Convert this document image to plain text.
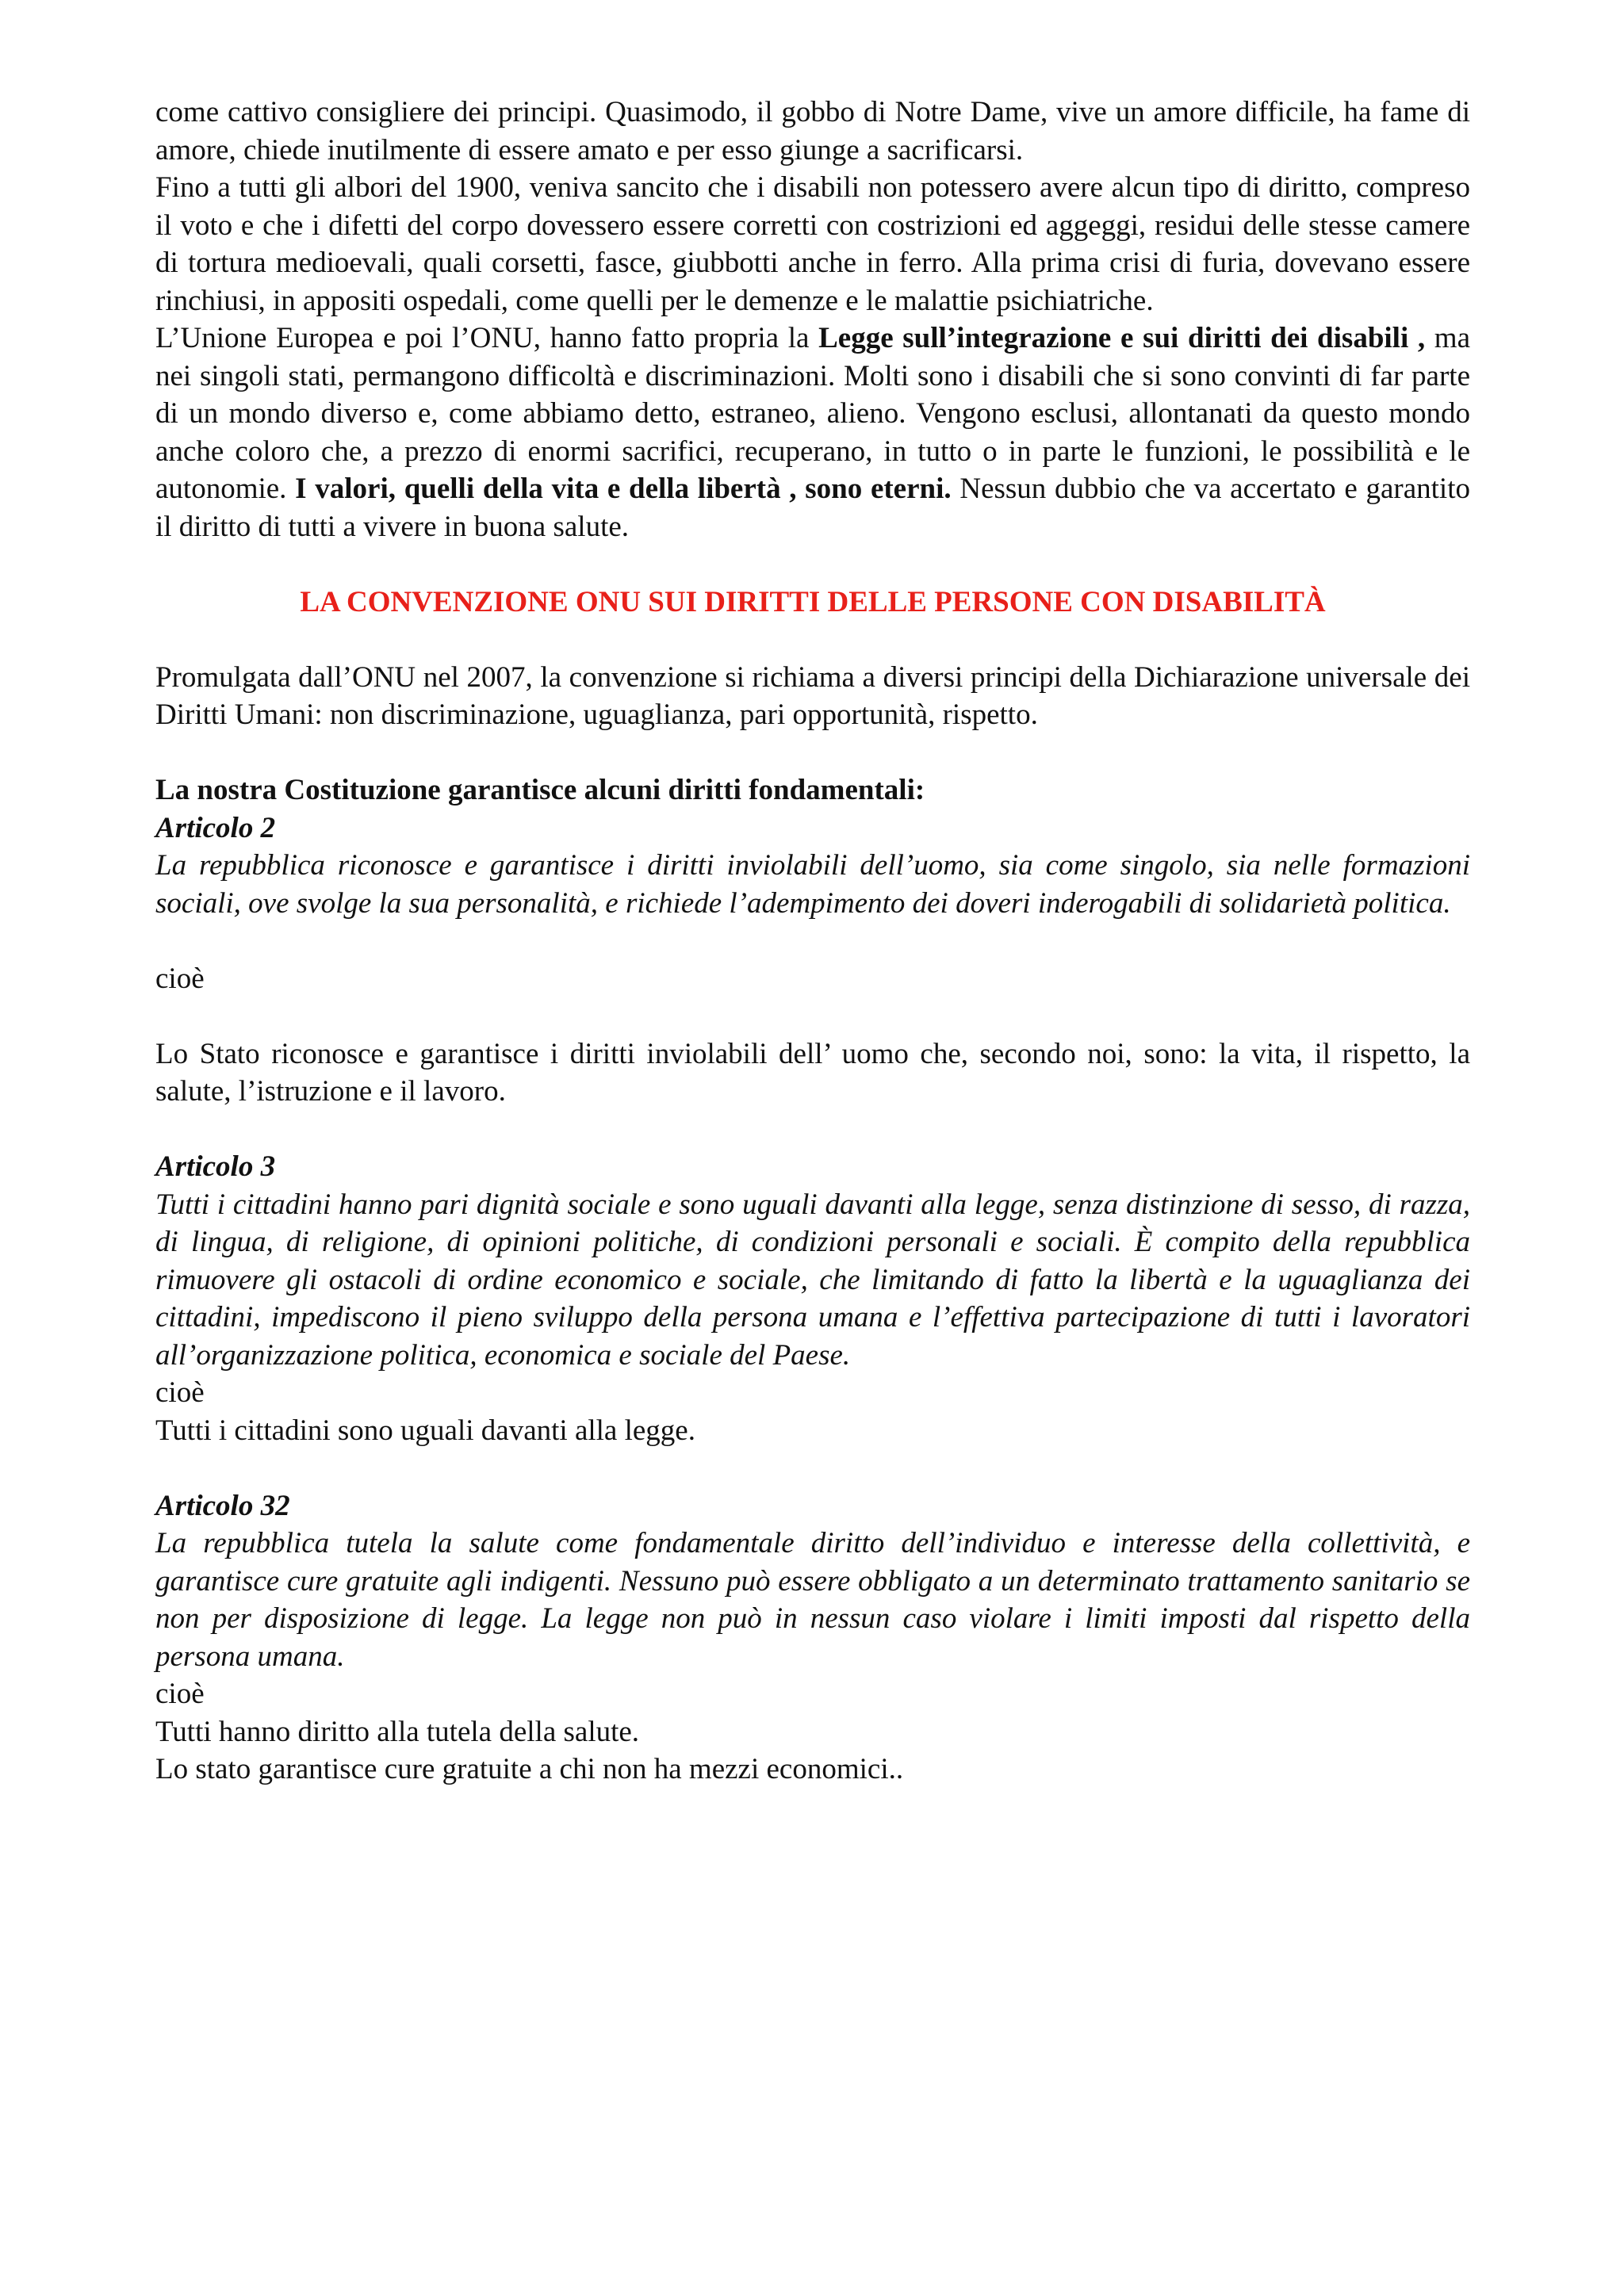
come cattivo consigliere dei principi. Quasimodo, il gobbo di Notre Dame, vive un amore difficile, ha fame di amore, chiede inutilmente di essere amato e per esso giunge a sacrificarsi.

Fino a tutti gli albori del 1900, veniva sancito che i disabili non potessero avere alcun tipo di diritto, compreso il voto e che i difetti del corpo dovessero essere corretti con costrizioni ed aggeggi, residui delle stesse camere di tortura medioevali, quali corsetti, fasce, giubbotti anche in ferro. Alla prima crisi di furia, dovevano essere rinchiusi, in appositi ospedali, come quelli per le demenze e le malattie psichiatriche.

L’Unione Europea e poi l’ONU, hanno fatto propria la Legge sull’integrazione e sui diritti dei disabili , ma nei singoli stati, permangono difficoltà e discriminazioni. Molti sono i disabili che si sono convinti di far parte di un mondo diverso e, come abbiamo detto, estraneo, alieno. Vengono esclusi, allontanati da questo mondo anche coloro che, a prezzo di enormi sacrifici, recuperano, in tutto o in parte le funzioni, le possibilità e le autonomie. I valori, quelli della vita e della libertà , sono eterni. Nessun dubbio che va accertato e garantito il diritto di tutti a vivere in buona salute.

LA CONVENZIONE ONU SUI DIRITTI DELLE PERSONE CON DISABILITÀ

Promulgata dall’ONU nel 2007, la convenzione si richiama a diversi principi della Dichiarazione universale dei Diritti Umani: non discriminazione, uguaglianza, pari opportunità, rispetto.

La nostra Costituzione garantisce alcuni diritti fondamentali:

Articolo 2

La repubblica riconosce e garantisce i diritti inviolabili dell’uomo, sia come singolo, sia nelle formazioni sociali, ove svolge la sua personalità, e richiede l’adempimento dei doveri inderogabili di solidarietà politica.

cioè

Lo Stato riconosce e garantisce i diritti inviolabili dell’ uomo che, secondo noi, sono: la vita, il rispetto, la salute, l’istruzione e il lavoro.

Articolo 3

Tutti i cittadini hanno pari dignità sociale e sono uguali davanti alla legge, senza distinzione di sesso, di razza, di lingua, di religione, di opinioni politiche, di condizioni personali e sociali. È compito della repubblica rimuovere gli ostacoli di ordine economico e sociale, che limitando di fatto la libertà e la uguaglianza dei cittadini, impediscono il pieno sviluppo della persona umana e l’effettiva partecipazione di tutti i lavoratori all’organizzazione politica, economica e sociale del Paese.

cioè

Tutti i cittadini sono uguali davanti alla legge.

Articolo 32

La repubblica tutela la salute come fondamentale diritto dell’individuo e interesse della collettività, e garantisce cure gratuite agli indigenti. Nessuno può essere obbligato a un determinato trattamento sanitario se non per disposizione di legge. La legge non può in nessun caso violare i limiti imposti dal rispetto della persona umana.

cioè

Tutti hanno diritto alla tutela della salute.

Lo stato garantisce cure gratuite a chi non ha mezzi economici..
